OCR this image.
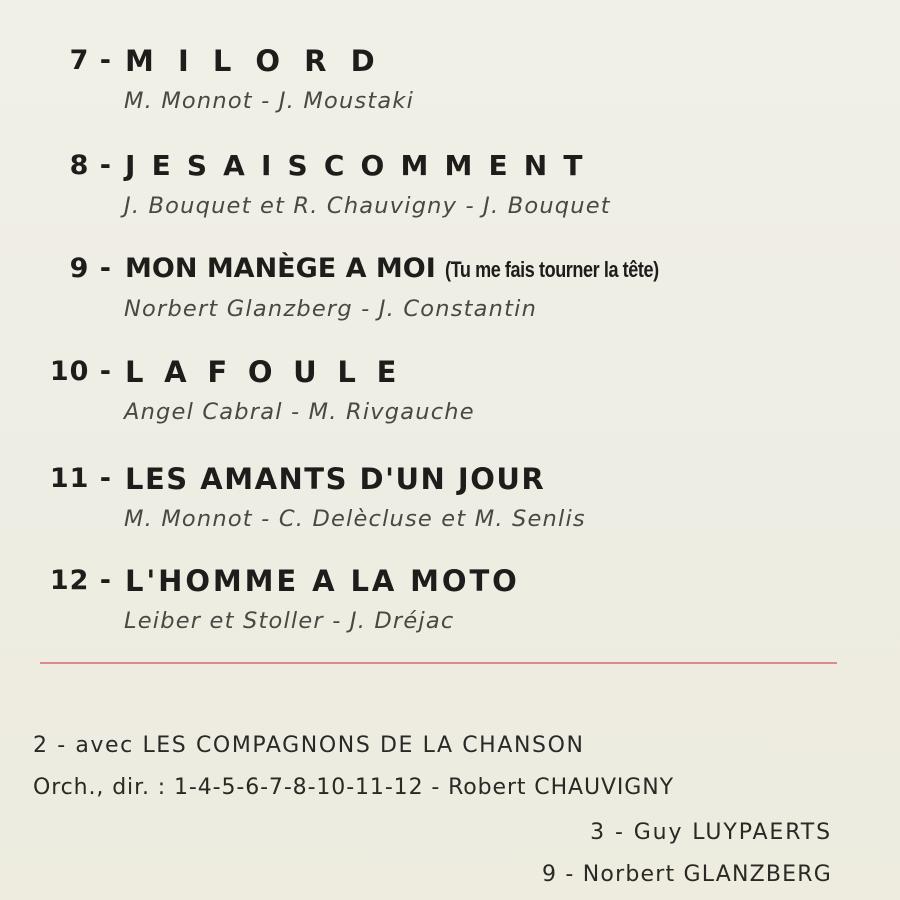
7 - M I L O R D
M. Monnot - J. Moustaki
8 - J E S A I S C O M M E N T
J. Bouquet et R. Chauvigny - J. Bouquet
9 - MON MANÈGE A MOI (Tu me fais tourner la tête)
Norbert Glanzberg - J. Constantin
10 - L A F O U L E
Angel Cabral - M. Rivgauche
11 - LES AMANTS D'UN JOUR
M. Monnot - C. Delècluse et M. Senlis
12 - L'HOMME A LA MOTO
Leiber et Stoller - J. Dréjac
2 - avec LES COMPAGNONS DE LA CHANSON
Orch., dir. : 1-4-5-6-7-8-10-11-12 - Robert CHAUVIGNY
3 - Guy LUYPAERTS
9 - Norbert GLANZBERG
